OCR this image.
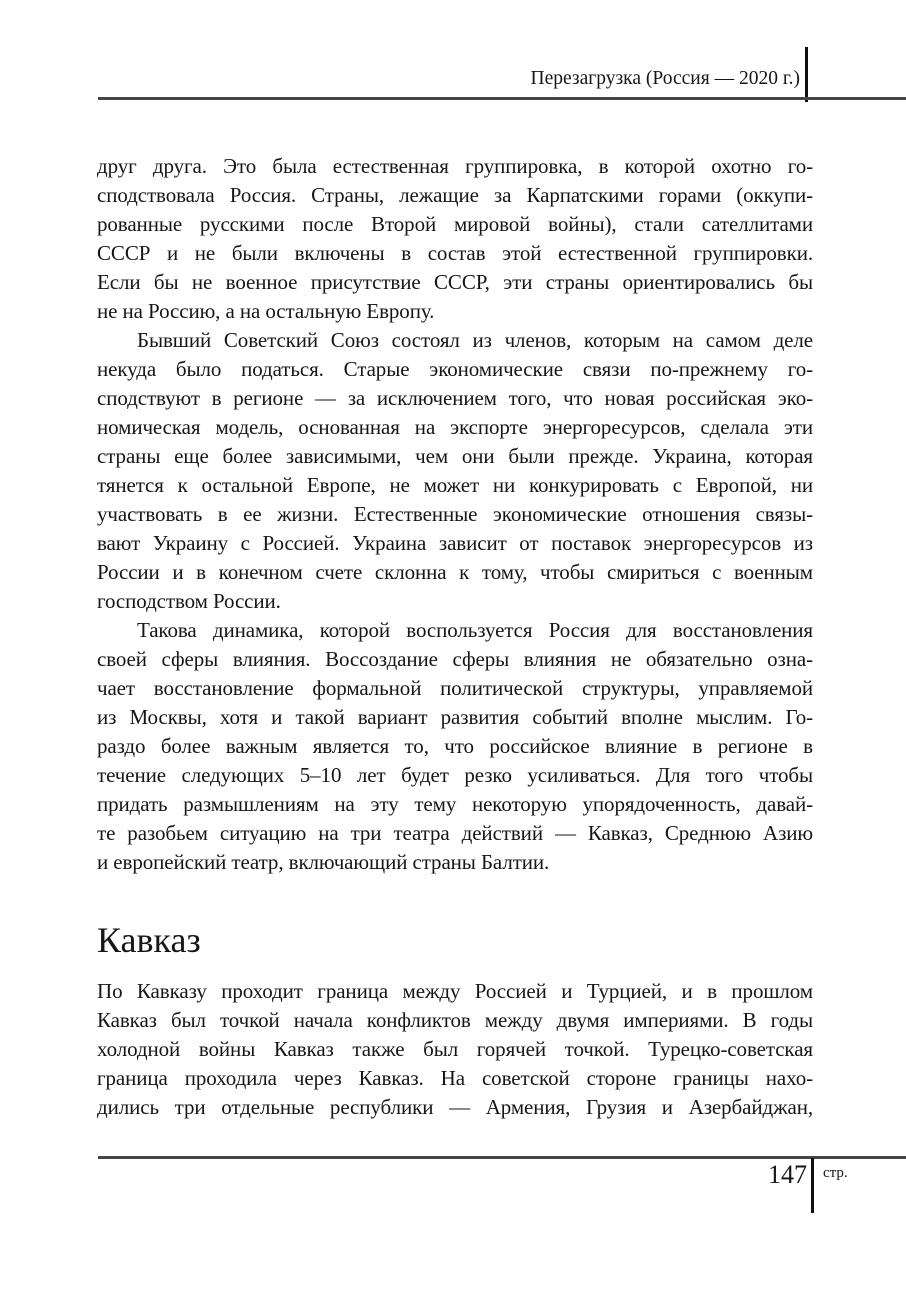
Перезагрузка (Россия — 2020 г.)
друг друга. Это была естественная группировка, в которой охотно го-
сподствовала Россия. Страны, лежащие за Карпатскими горами (оккупи-
рованные русскими после Второй мировой войны), стали сателлитами
СССР и не были включены в состав этой естественной группировки.
Если бы не военное присутствие СССР, эти страны ориентировались бы
не на Россию, а на остальную Европу.
Бывший Советский Союз состоял из членов, которым на самом деле
некуда было податься. Старые экономические связи по-прежнему го-
сподствуют в регионе — за исключением того, что новая российская эко-
номическая модель, основанная на экспорте энергоресурсов, сделала эти
страны еще более зависимыми, чем они были прежде. Украина, которая
тянется к остальной Европе, не может ни конкурировать с Европой, ни
участвовать в ее жизни. Естественные экономические отношения связы-
вают Украину с Россией. Украина зависит от поставок энергоресурсов из
России и в конечном счете склонна к тому, чтобы смириться с военным
господством России.
Такова динамика, которой воспользуется Россия для восстановления
своей сферы влияния. Воссоздание сферы влияния не обязательно озна-
чает восстановление формальной политической структуры, управляемой
из Москвы, хотя и такой вариант развития событий вполне мыслим. Го-
раздо более важным является то, что российское влияние в регионе в
течение следующих 5–10 лет будет резко усиливаться. Для того чтобы
придать размышлениям на эту тему некоторую упорядоченность, давай-
те разобьем ситуацию на три театра действий — Кавказ, Среднюю Азию
и европейский театр, включающий страны Балтии.
Кавказ
По Кавказу проходит граница между Россией и Турцией, и в прошлом
Кавказ был точкой начала конфликтов между двумя империями. В годы
холодной войны Кавказ также был горячей точкой. Турецко-советская
граница проходила через Кавказ. На советской стороне границы нахо-
дились три отдельные республики — Армения, Грузия и Азербайджан,
147 стр.
